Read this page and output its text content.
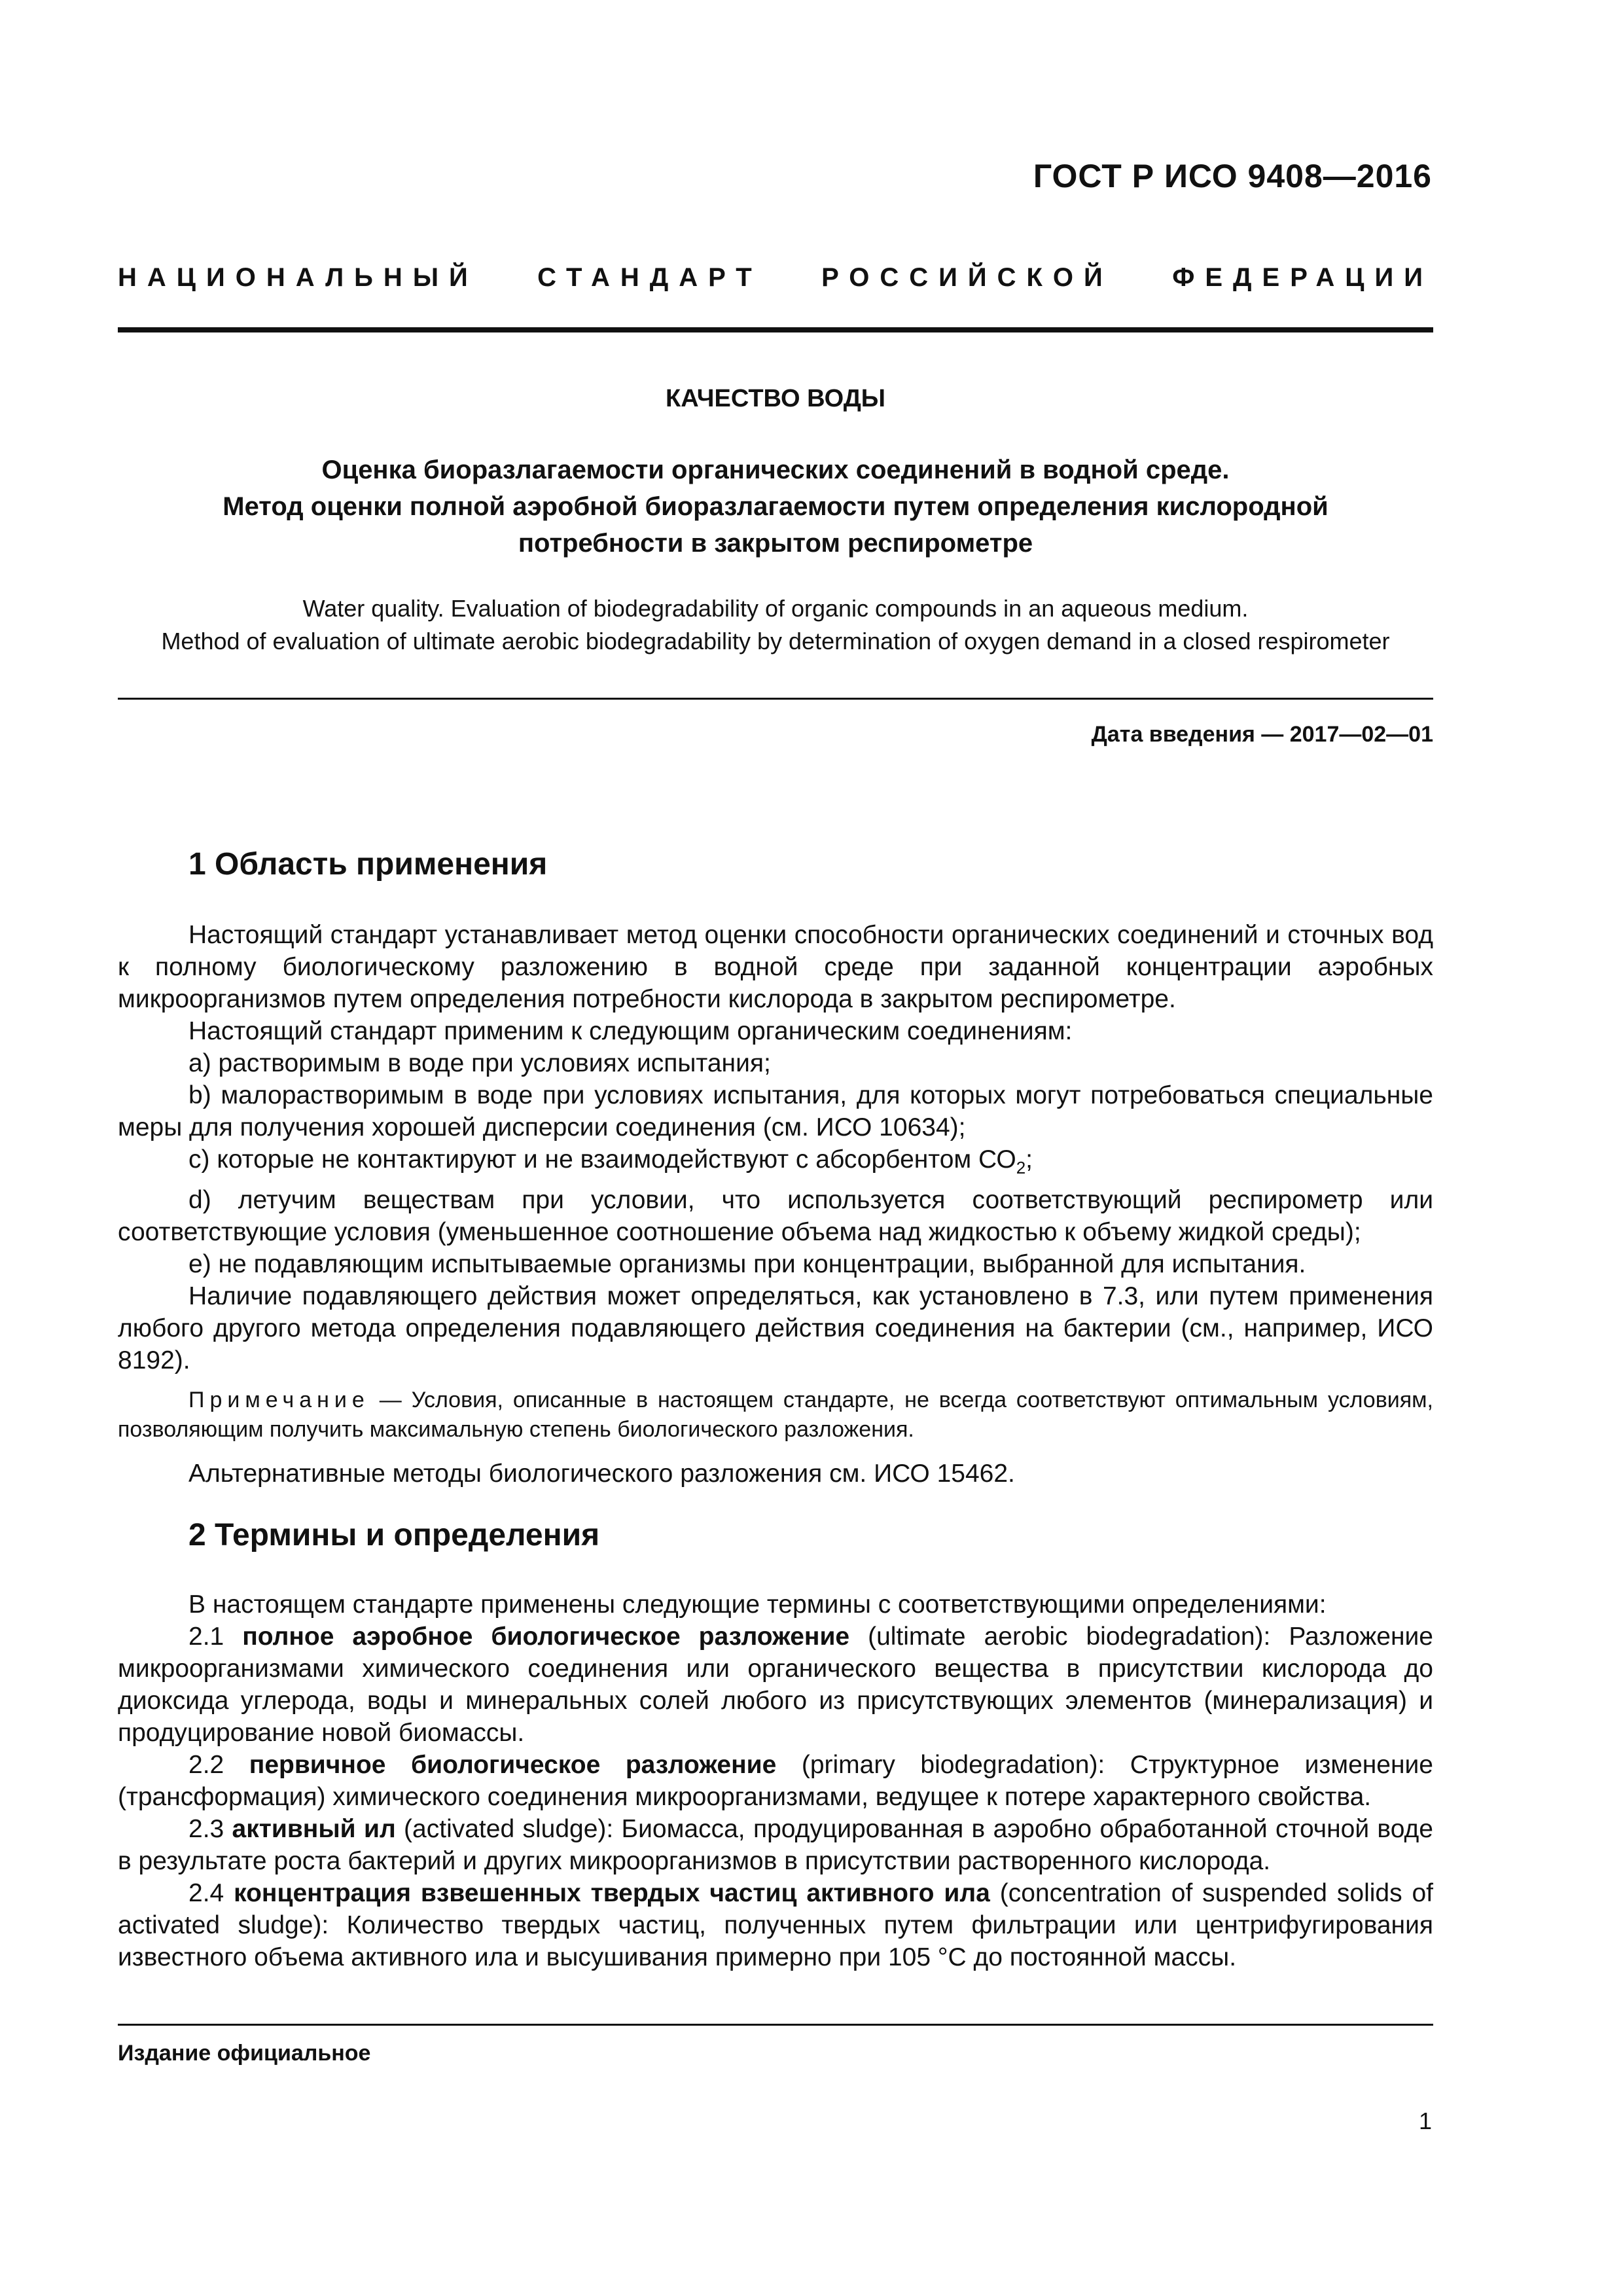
ГОСТ Р ИСО 9408—2016
НАЦИОНАЛЬНЫЙ СТАНДАРТ РОССИЙСКОЙ ФЕДЕРАЦИИ
КАЧЕСТВО ВОДЫ
Оценка биоразлагаемости органических соединений в водной среде.
Метод оценки полной аэробной биоразлагаемости путем определения кислородной
потребности в закрытом респирометре
Water quality. Evaluation of biodegradability of organic compounds in an aqueous medium.
Method of evaluation of ultimate aerobic biodegradability by determination of oxygen demand in a closed respirometer
Дата введения — 2017—02—01
1 Область применения

Настоящий стандарт устанавливает метод оценки способности органических соединений и сточных вод к полному биологическому разложению в водной среде при заданной концентрации аэробных микроорганизмов путем определения потребности кислорода в закрытом респирометре.

Настоящий стандарт применим к следующим органическим соединениям:

а) растворимым в воде при условиях испытания;

b) малорастворимым в воде при условиях испытания, для которых могут потребоваться специальные меры для получения хорошей дисперсии соединения (см. ИСО 10634);

с) которые не контактируют и не взаимодействуют с абсорбентом $СО_2$;

d) летучим веществам при условии, что используется соответствующий респирометр или соответствующие условия (уменьшенное соотношение объема над жидкостью к объему жидкой среды);

е) не подавляющим испытываемые организмы при концентрации, выбранной для испытания.

Наличие подавляющего действия может определяться, как установлено в 7.3, или путем применения любого другого метода определения подавляющего действия соединения на бактерии (см., например, ИСО 8192).

Примечание — Условия, описанные в настоящем стандарте, не всегда соответствуют оптимальным условиям, позволяющим получить максимальную степень биологического разложения.

Альтернативные методы биологического разложения см. ИСО 15462.

2 Термины и определения

В настоящем стандарте применены следующие термины с соответствующими определениями:

2.1 полное аэробное биологическое разложение (ultimate aerobic biodegradation): Разложение микроорганизмами химического соединения или органического вещества в присутствии кислорода до диоксида углерода, воды и минеральных солей любого из присутствующих элементов (минерализация) и продуцирование новой биомассы.

2.2 первичное биологическое разложение (primary biodegradation): Структурное изменение (трансформация) химического соединения микроорганизмами, ведущее к потере характерного свойства.

2.3 активный ил (activated sludge): Биомасса, продуцированная в аэробно обработанной сточной воде в результате роста бактерий и других микроорганизмов в присутствии растворенного кислорода.

2.4 концентрация взвешенных твердых частиц активного ила (concentration of suspended solids of activated sludge): Количество твердых частиц, полученных путем фильтрации или центрифугирования известного объема активного ила и высушивания примерно при 105 °С до постоянной массы.

Издание официальное
1
